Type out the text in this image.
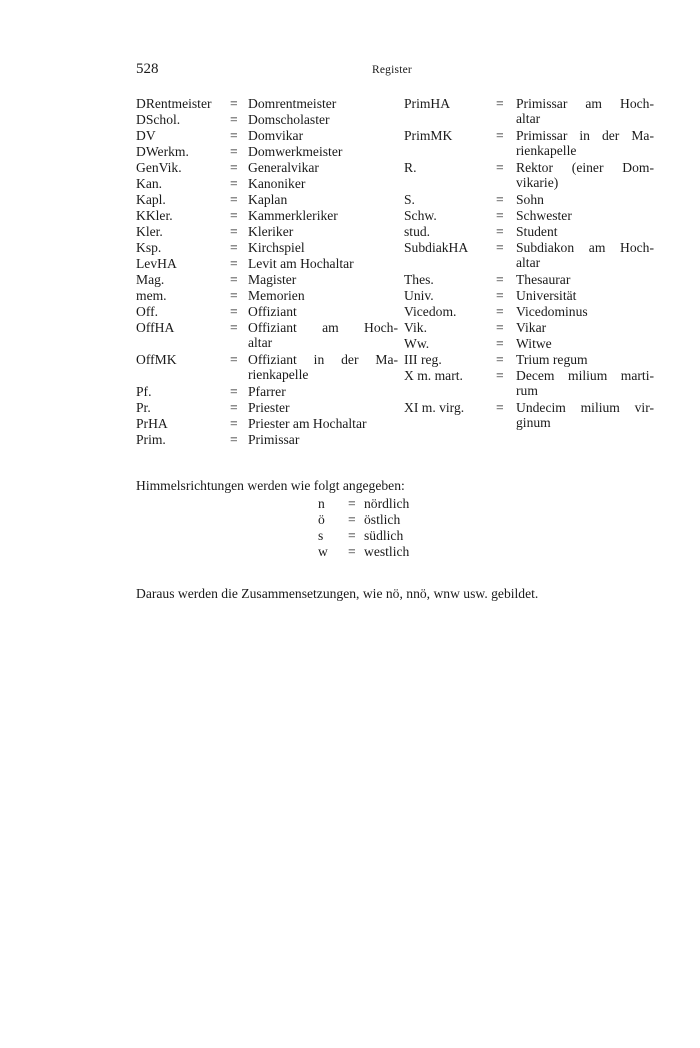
528	Register
DRentmeister	= Domrentmeister
DSchol.	= Domscholaster
DV	= Domvikar
DWerkm.	= Domwerkmeister
GenVik.	= Generalvikar
Kan.	= Kanoniker
Kapl.	= Kaplan
KKler.	= Kammerkleriker
Kler.	= Kleriker
Ksp.	= Kirchspiel
LevHA	= Levit am Hochaltar
Mag.	= Magister
mem.	= Memorien
Off.	= Offiziant
OffHA	= Offiziant am Hoch-
altar
OffMK	= Offiziant in der Ma-
rienkapelle
Pf.	= Pfarrer
Pr.	= Priester
PrHA	= Priester am Hochaltar
Prim.	= Primissar
PrimHA	= Primissar am Hoch-
altar
PrimMK	= Primissar in der Ma-
rienkapelle
R.	= Rektor (einer Dom-
vikarie)
S.	= Sohn
Schw.	= Schwester
stud.	= Student
SubdiakHA	= Subdiakon am Hoch-
altar
Thes.	= Thesaurar
Univ.	= Universität
Vicedom.	= Vicedominus
Vik.	= Vikar
Ww.	= Witwe
III reg.	= Trium regum
X m. mart.	= Decem milium marti-
rum
XI m. virg.	= Undecim milium vir-
ginum
Himmelsrichtungen werden wie folgt angegeben:
n	= nördlich
ö	= östlich
s	= südlich
w	= westlich
Daraus werden die Zusammensetzungen, wie nö, nnö, wnw usw. gebildet.
